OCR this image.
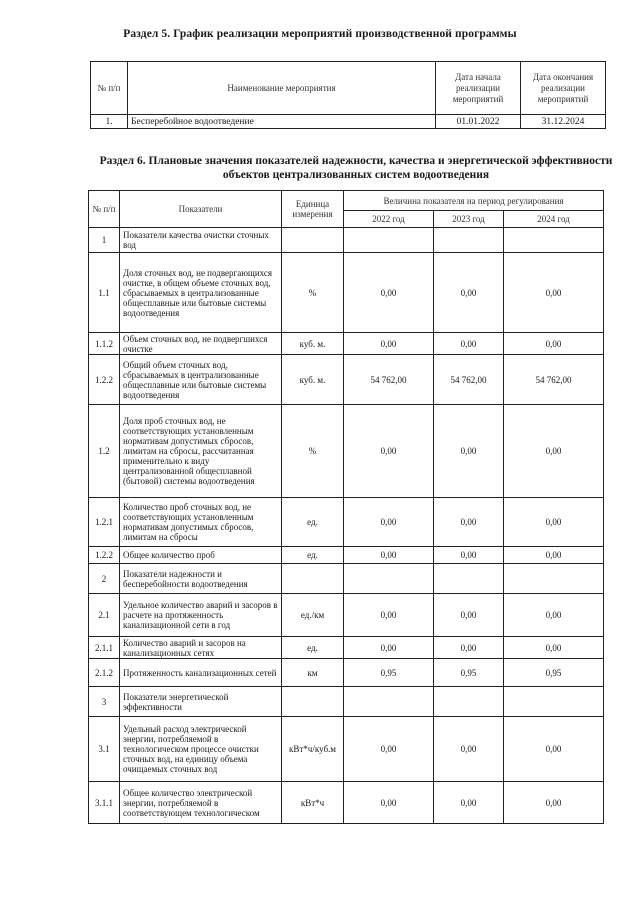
Раздел 5. График реализации мероприятий производственной программы
№ п/п	Наименование мероприятия	Дата начала реализации мероприятий	Дата окончания реализации мероприятий
1.	Бесперебойное водоотведение	01.01.2022	31.12.2024
Раздел 6. Плановые значения показателей надежности, качества и энергетической эффективности объектов централизованных систем водоотведения
№ п/п	Показатели	Единица измерения	Величина показателя на период регулирования		
			2022 год	2023 год	2024 год
1	Показатели качества очистки сточных вод				
1.1	Доля сточных вод, не подвергающихся очистке, в общем объеме сточных вод, сбрасываемых в централизованные общесплавные или бытовые системы водоотведения	%	0,00	0,00	0,00
1.1.2	Объем сточных вод, не подвергшихся очистке	куб. м.	0,00	0,00	0,00
1.2.2	Общий объем сточных вод, сбрасываемых в централизованные общесплавные или бытовые системы водоотведения	куб. м.	54 762,00	54 762,00	54 762,00
1.2	Доля проб сточных вод, не соответствующих установленным нормативам допустимых сбросов, лимитам на сбросы, рассчитанная применительно к виду централизованной общесплавной (бытовой) системы водоотведения	%	0,00	0,00	0,00
1.2.1	Количество проб сточных вод, не соответствующих установленным нормативам допустимых сбросов, лимитам на сбросы	ед.	0,00	0,00	0,00
1.2.2	Общее количество проб	ед.	0,00	0,00	0,00
2	Показатели надежности и бесперебойности водоотведения				
2.1	Удельное количество аварий и засоров в расчете на протяженность канализационной сети в год	ед./км	0,00	0,00	0,00
2.1.1	Количество аварий и засоров на канализационных сетях	ед.	0,00	0,00	0,00
2.1.2	Протяженность канализационных сетей	км	0,95	0,95	0,95
3	Показатели энергетической эффективности				
3.1	Удельный расход электрической энергии, потребляемой в технологическом процессе очистки сточных вод, на единицу объема очищаемых сточных вод	кВт*ч/куб.м	0,00	0,00	0,00
3.1.1	Общее количество электрической энергии, потребляемой в соответствующем технологическом	кВт*ч	0,00	0,00	0,00
